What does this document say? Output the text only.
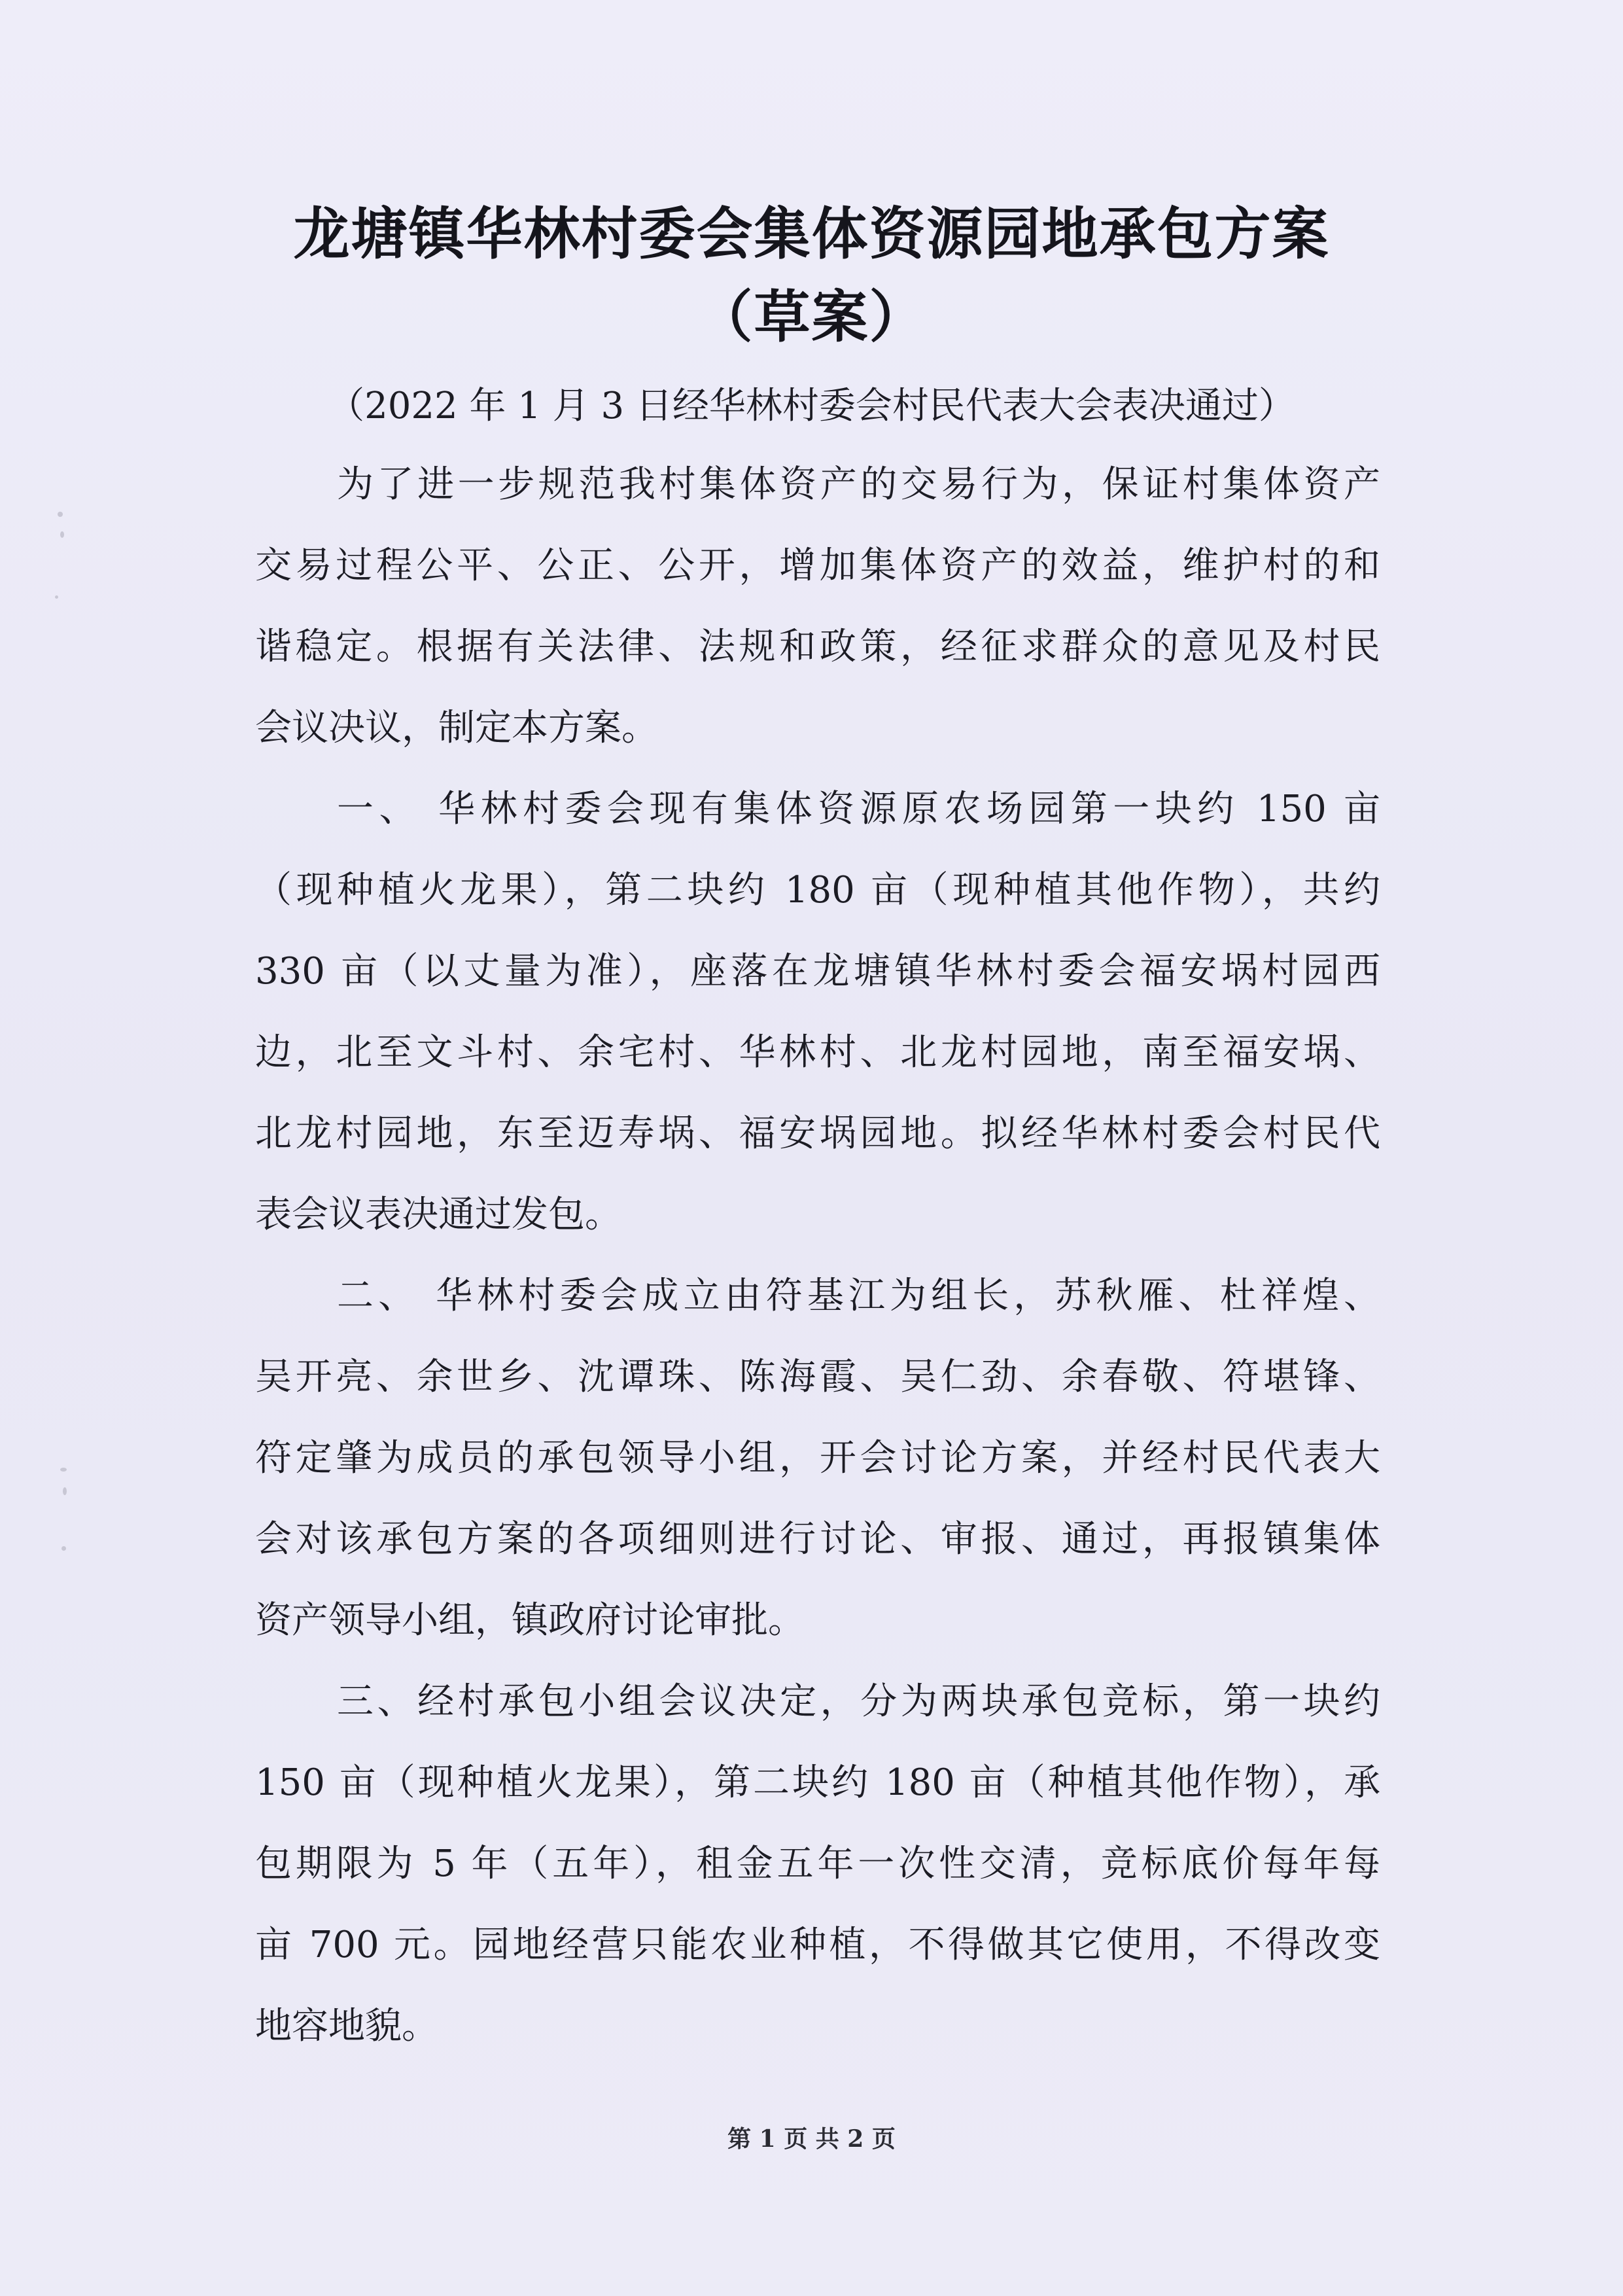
龙塘镇华林村委会集体资源园地承包方案
（草案）

（2022 年 1 月 3 日经华林村委会村民代表大会表决通过）

为了进一步规范我村集体资产的交易行为，保证村集体资产

交易过程公平、公正、公开，增加集体资产的效益，维护村的和

谐稳定。根据有关法律、法规和政策，经征求群众的意见及村民

会议决议，制定本方案。

一、 华林村委会现有集体资源原农场园第一块约 150 亩

（现种植火龙果），第二块约 180 亩（现种植其他作物），共约

330 亩（以丈量为准），座落在龙塘镇华林村委会福安埚村园西

边，北至文斗村、余宅村、华林村、北龙村园地，南至福安埚、

北龙村园地，东至迈寿埚、福安埚园地。拟经华林村委会村民代

表会议表决通过发包。

二、 华林村委会成立由符基江为组长，苏秋雁、杜祥煌、

吴开亮、余世乡、沈谭珠、陈海霞、吴仁劲、余春敬、符堪锋、

符定肇为成员的承包领导小组，开会讨论方案，并经村民代表大

会对该承包方案的各项细则进行讨论、审报、通过，再报镇集体

资产领导小组，镇政府讨论审批。

三、经村承包小组会议决定，分为两块承包竞标，第一块约

150 亩（现种植火龙果），第二块约 180 亩（种植其他作物），承

包期限为 5 年（五年），租金五年一次性交清，竞标底价每年每

亩 700 元。园地经营只能农业种植，不得做其它使用，不得改变

地容地貌。

第 1 页 共 2 页
